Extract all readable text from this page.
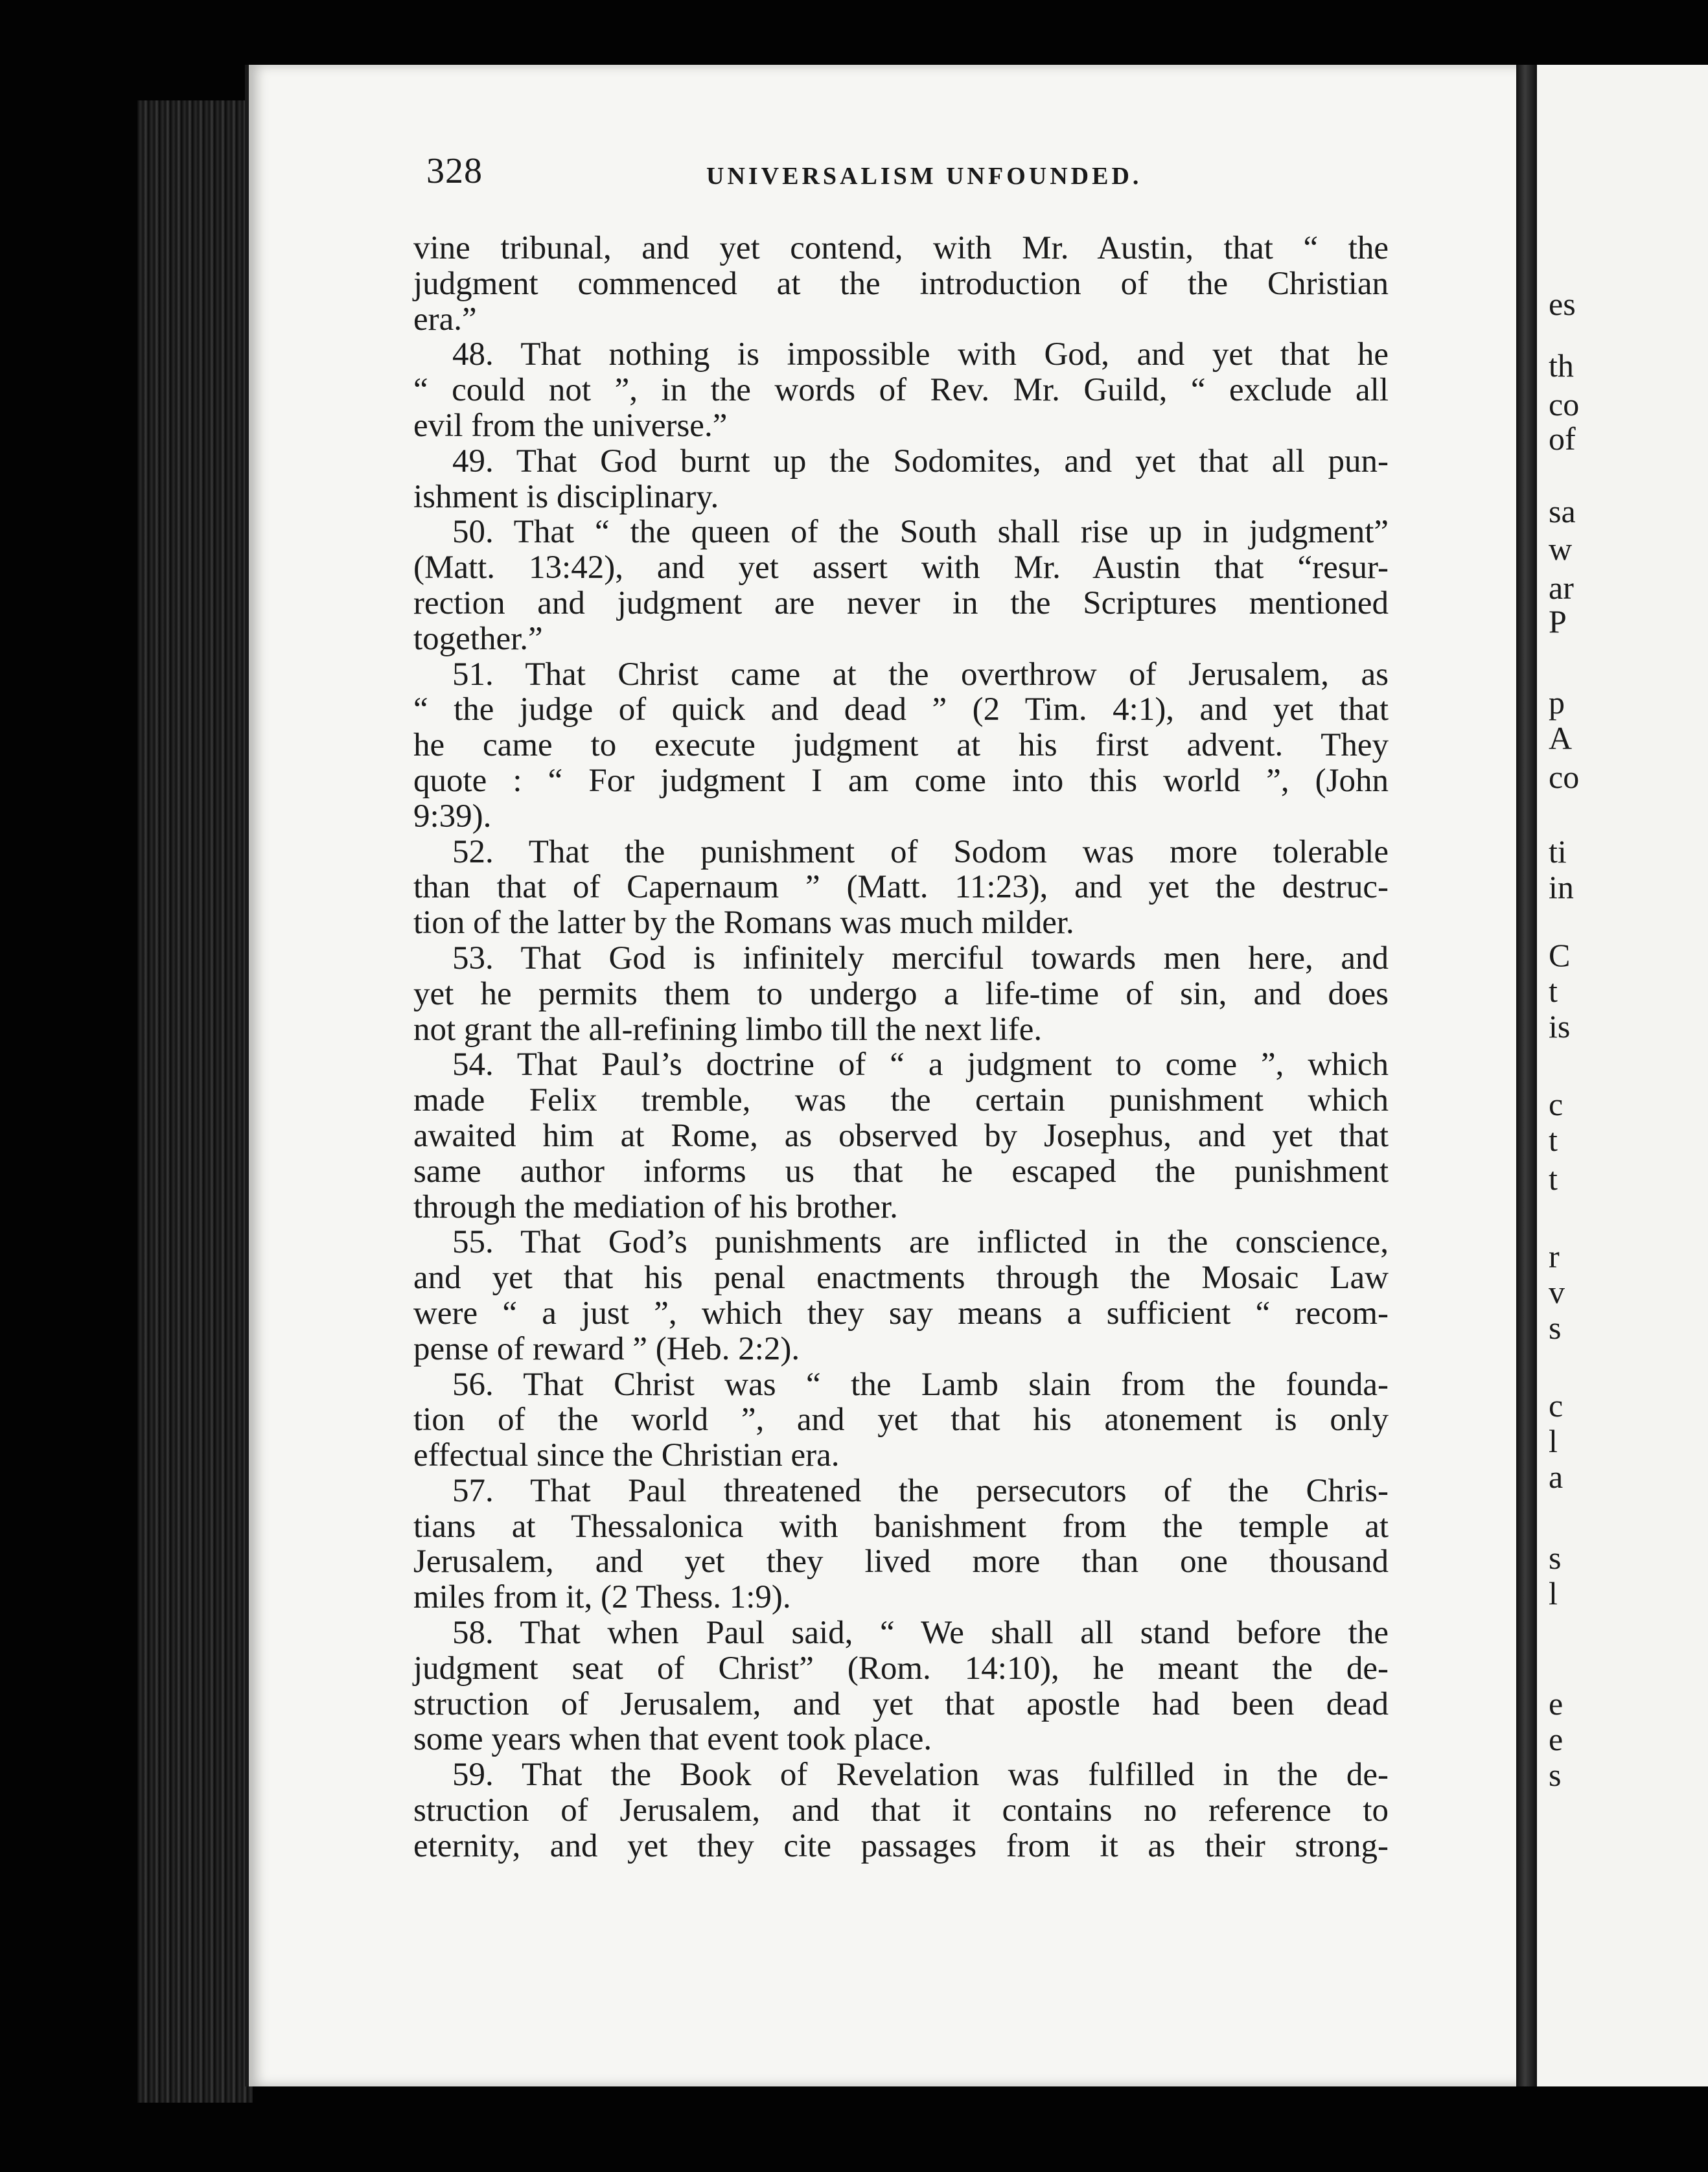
328	UNIVERSALISM UNFOUNDED.
vine tribunal, and yet contend, with Mr. Austin, that “ the
judgment commenced at the introduction of the Christian
era.”
48. That nothing is impossible with God, and yet that he
“ could not ”, in the words of Rev. Mr. Guild, “ exclude all
evil from the universe.”
49. That God burnt up the Sodomites, and yet that all pun-
ishment is disciplinary.
50. That “ the queen of the South shall rise up in judgment”
(Matt. 13:42), and yet assert with Mr. Austin that “resur-
rection and judgment are never in the Scriptures mentioned
together.”
51. That Christ came at the overthrow of Jerusalem, as
“ the judge of quick and dead ” (2 Tim. 4:1), and yet that
he came to execute judgment at his first advent. They
quote : “ For judgment I am come into this world ”, (John
9:39).
52. That the punishment of Sodom was more tolerable
than that of Capernaum ” (Matt. 11:23), and yet the destruc-
tion of the latter by the Romans was much milder.
53. That God is infinitely merciful towards men here, and
yet he permits them to undergo a life-time of sin, and does
not grant the all-refining limbo till the next life.
54. That Paul’s doctrine of “ a judgment to come ”, which
made Felix tremble, was the certain punishment which
awaited him at Rome, as observed by Josephus, and yet that
same author informs us that he escaped the punishment
through the mediation of his brother.
55. That God’s punishments are inflicted in the conscience,
and yet that his penal enactments through the Mosaic Law
were “ a just ”, which they say means a sufficient “ recom-
pense of reward ” (Heb. 2:2).
56. That Christ was “ the Lamb slain from the founda-
tion of the world ”, and yet that his atonement is only
effectual since the Christian era.
57. That Paul threatened the persecutors of the Chris-
tians at Thessalonica with banishment from the temple at
Jerusalem, and yet they lived more than one thousand
miles from it, (2 Thess. 1:9).
58. That when Paul said, “ We shall all stand before the
judgment seat of Christ” (Rom. 14:10), he meant the de-
struction of Jerusalem, and yet that apostle had been dead
some years when that event took place.
59. That the Book of Revelation was fulfilled in the de-
struction of Jerusalem, and that it contains no reference to
eternity, and yet they cite passages from it as their strong-
es
th
co
of
sa
w
ar
P
p
A
co
ti
in
C
t
is
c
t
t
r
v
s
c
l
a
s
l
e
e
s
